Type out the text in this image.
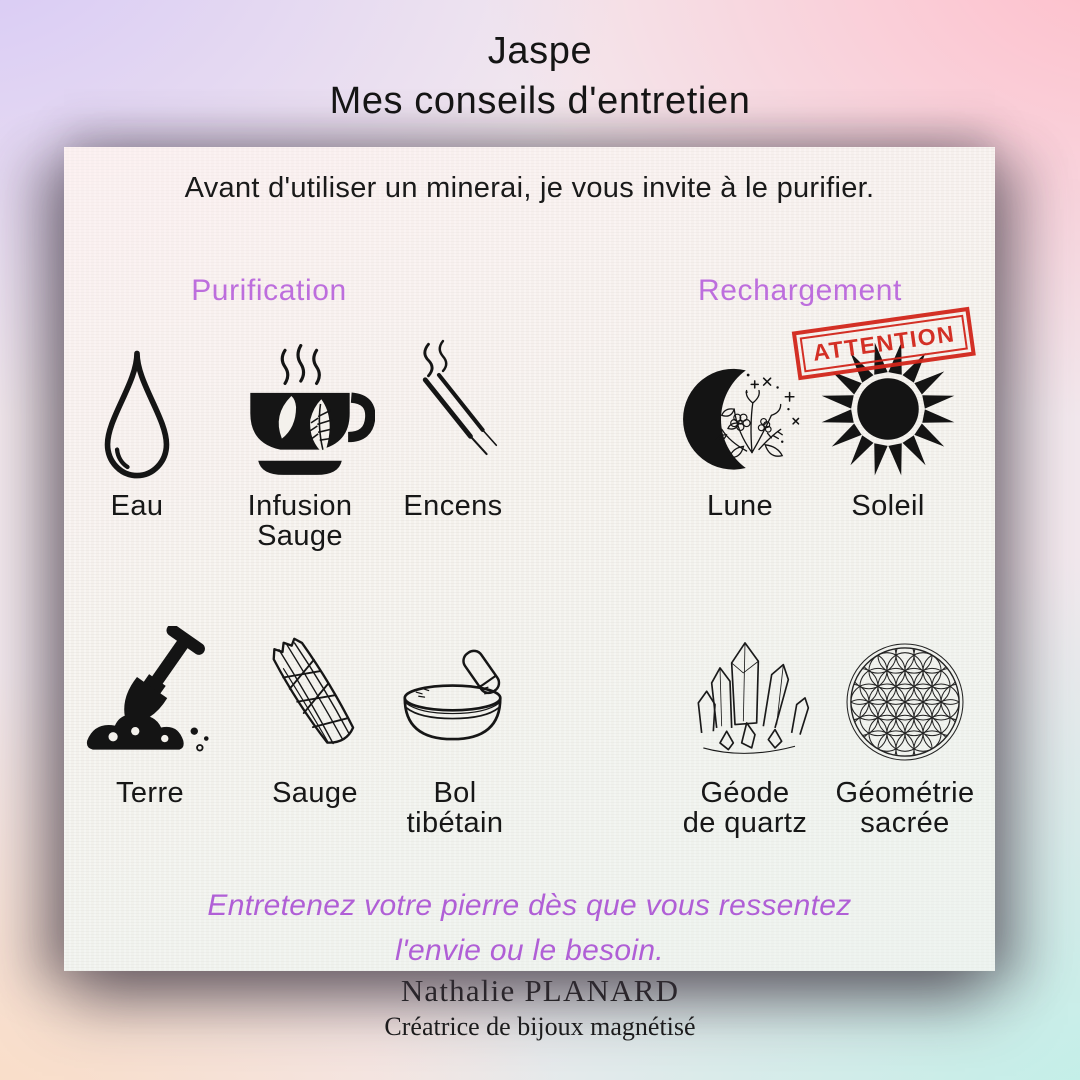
Jaspe
Mes conseils d'entretien
Avant d'utiliser un minerai, je vous invite à le purifier.
Purification	Rechargement
Eau	Infusion
Sauge
Encens	Lune
ATTENTION
Soleil
Terre	Sauge	Bol
tibétain
Géode
de quartz
Géométrie
sacrée
Entretenez votre pierre dès que vous ressentez
l'envie ou le besoin.
Nathalie PLANARD
Créatrice de bijoux magnétisé
